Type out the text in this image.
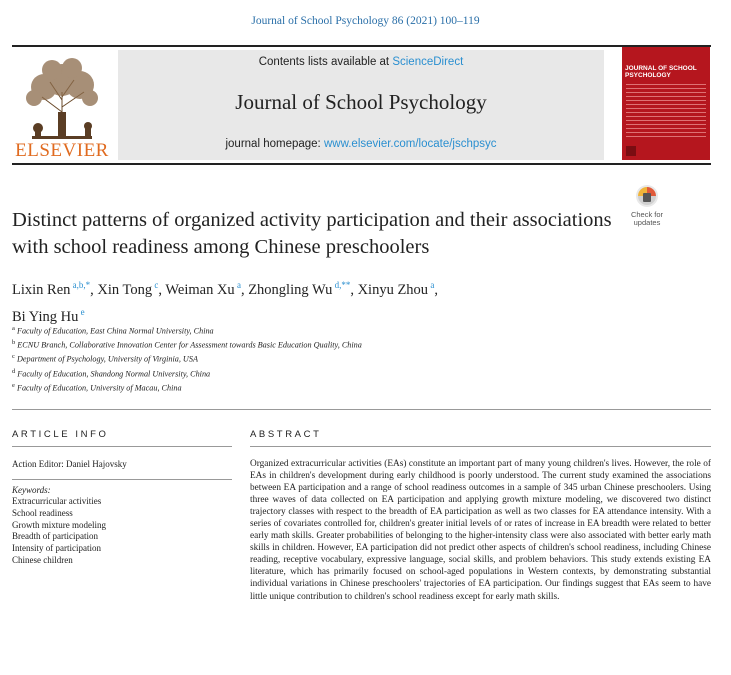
Journal of School Psychology 86 (2021) 100–119
ELSEVIER
Contents lists available at ScienceDirect
Journal of School Psychology
journal homepage: www.elsevier.com/locate/jschpsyc
JOURNAL OF SCHOOL PSYCHOLOGY
Check for
updates
Distinct patterns of organized activity participation and their associations with school readiness among Chinese preschoolers
Lixin Ren $^{a,b,*}$, Xin Tong $^c$, Weiman Xu $^a$, Zhongling Wu $^{d,**}$, Xinyu Zhou $^a$,
Bi Ying Hu $^e$
$^a$ Faculty of Education, East China Normal University, China
$^b$ ECNU Branch, Collaborative Innovation Center for Assessment towards Basic Education Quality, China
$^c$ Department of Psychology, University of Virginia, USA
$^d$ Faculty of Education, Shandong Normal University, China
$^e$ Faculty of Education, University of Macau, China
ARTICLE INFO	ABSTRACT
Action Editor: Daniel Hajovsky
Keywords:
Extracurricular activities
School readiness
Growth mixture modeling
Breadth of participation
Intensity of participation
Chinese children
Organized extracurricular activities (EAs) constitute an important part of many young children's lives. However, the role of EAs in children's development during early childhood is poorly understood. The current study examined the associations between EA participation and a range of school readiness outcomes in a sample of 345 urban Chinese preschoolers. Using three waves of data collected on EA participation and applying growth mixture modeling, we discovered two distinct trajectory classes with respect to the breadth of EA participation as well as two classes for EA attendance intensity. With a series of covariates controlled for, children's greater initial levels of or rates of increase in EA breadth were related to better early math skills. Greater probabilities of belonging to the higher-intensity class were also associated with better early math skills in children. However, EA participation did not predict other aspects of children's school readiness, including Chinese reading, receptive vocabulary, expressive language, social skills, and problem behaviors. This study extends existing EA literature, which has primarily focused on school-aged populations in Western contexts, by demonstrating substantial individual variations in Chinese preschoolers' trajectories of EA participation. Our findings suggest that EAs seem to have little unique contribution to children's school readiness except for early math skills.
